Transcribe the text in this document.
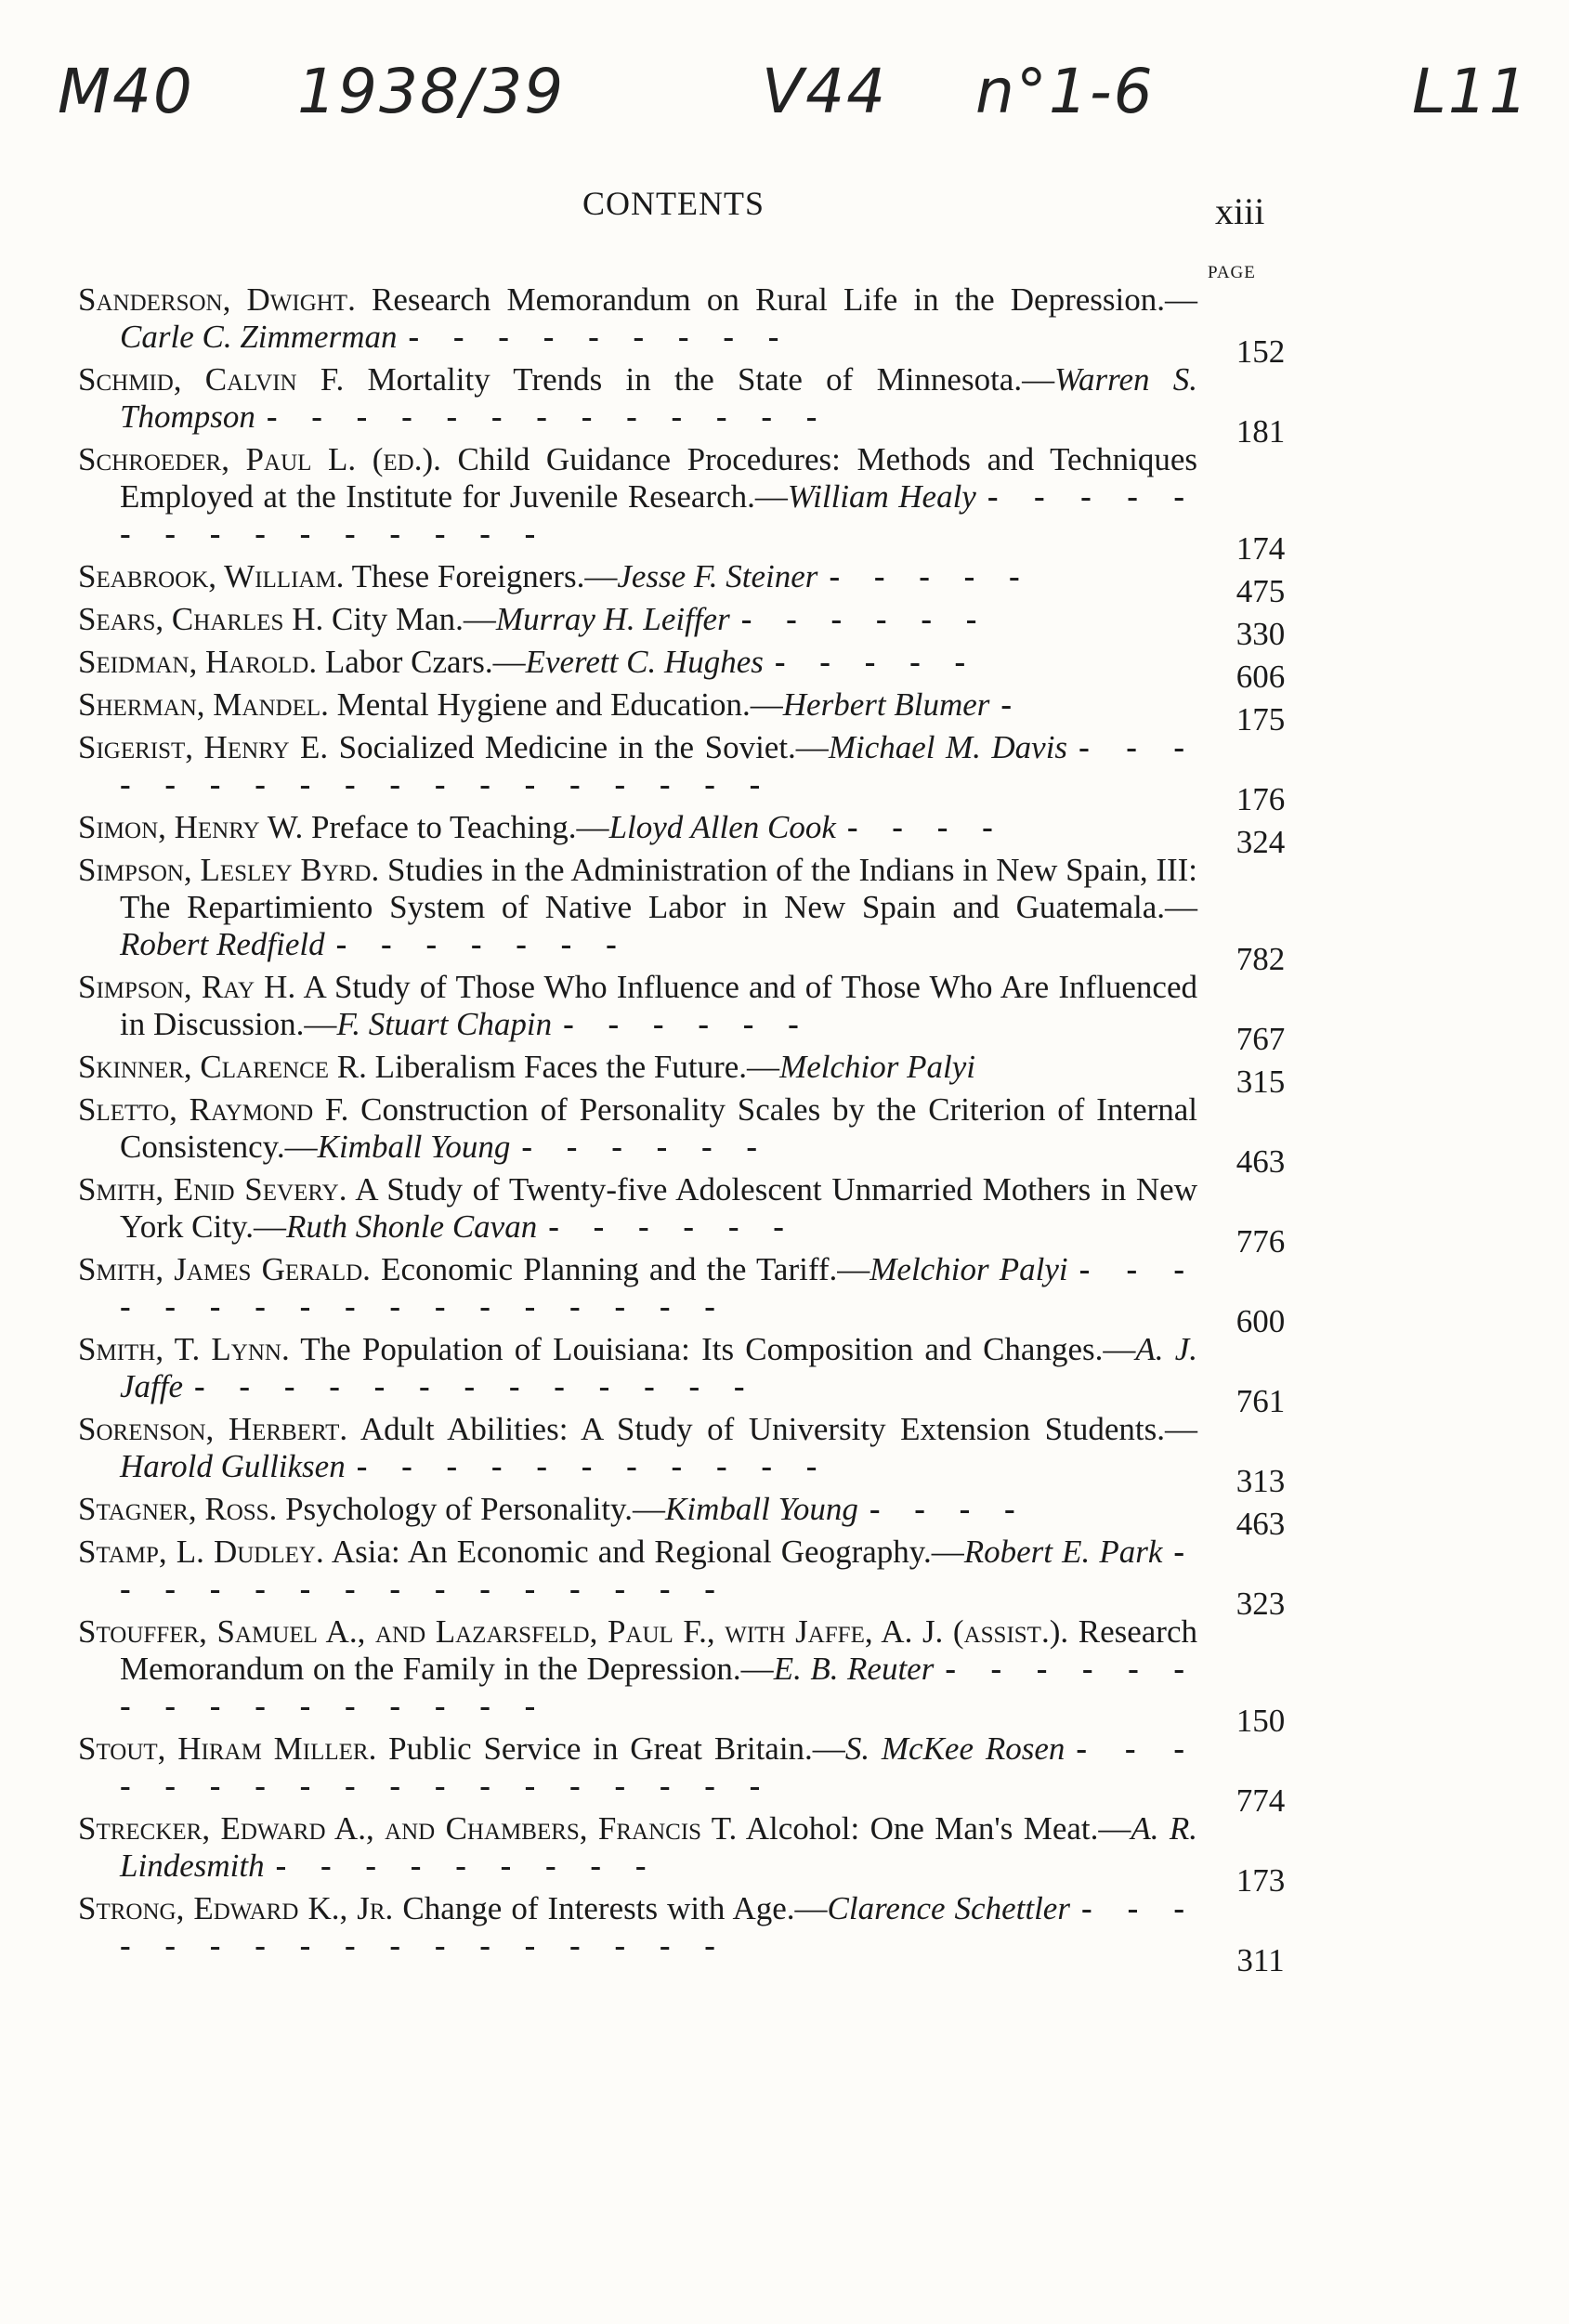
M40 1938/39	V44 n°1-6	L11
CONTENTS	xiii
PAGE
Sanderson, Dwight. Research Memorandum on Rural Life in the Depression.—Carle C. Zimmerman - - - - - - - - -	152
Schmid, Calvin F. Mortality Trends in the State of Minnesota.—Warren S. Thompson - - - - - - - - - - - - -	181
Schroeder, Paul L. (ed.). Child Guidance Procedures: Methods and Techniques Employed at the Institute for Juvenile Research.—William Healy - - - - - - - - - - - - - - -	174
Seabrook, William. These Foreigners.—Jesse F. Steiner - - - - -	475
Sears, Charles H. City Man.—Murray H. Leiffer - - - - - -	330
Seidman, Harold. Labor Czars.—Everett C. Hughes - - - - -	606
Sherman, Mandel. Mental Hygiene and Education.—Herbert Blumer -	175
Sigerist, Henry E. Socialized Medicine in the Soviet.—Michael M. Davis - - - - - - - - - - - - - - - - - -	176
Simon, Henry W. Preface to Teaching.—Lloyd Allen Cook - - - -	324
Simpson, Lesley Byrd. Studies in the Administration of the Indians in New Spain, III: The Repartimiento System of Native Labor in New Spain and Guatemala.—Robert Redfield - - - - - - -	782
Simpson, Ray H. A Study of Those Who Influence and of Those Who Are Influenced in Discussion.—F. Stuart Chapin - - - - - -	767
Skinner, Clarence R. Liberalism Faces the Future.—Melchior Palyi	315
Sletto, Raymond F. Construction of Personality Scales by the Criterion of Internal Consistency.—Kimball Young - - - - - -	463
Smith, Enid Severy. A Study of Twenty-five Adolescent Unmarried Mothers in New York City.—Ruth Shonle Cavan - - - - - -	776
Smith, James Gerald. Economic Planning and the Tariff.—Melchior Palyi - - - - - - - - - - - - - - - - -	600
Smith, T. Lynn. The Population of Louisiana: Its Composition and Changes.—A. J. Jaffe - - - - - - - - - - - - -	761
Sorenson, Herbert. Adult Abilities: A Study of University Extension Students.—Harold Gulliksen - - - - - - - - - - -	313
Stagner, Ross. Psychology of Personality.—Kimball Young - - - -	463
Stamp, L. Dudley. Asia: An Economic and Regional Geography.—Robert E. Park - - - - - - - - - - - - - - -	323
Stouffer, Samuel A., and Lazarsfeld, Paul F., with Jaffe, A. J. (assist.). Research Memorandum on the Family in the Depression.—E. B. Reuter - - - - - - - - - - - - - - - -	150
Stout, Hiram Miller. Public Service in Great Britain.—S. McKee Rosen - - - - - - - - - - - - - - - - - -	774
Strecker, Edward A., and Chambers, Francis T. Alcohol: One Man's Meat.—A. R. Lindesmith - - - - - - - - -	173
Strong, Edward K., Jr. Change of Interests with Age.—Clarence Schettler - - - - - - - - - - - - - - - - -	311
